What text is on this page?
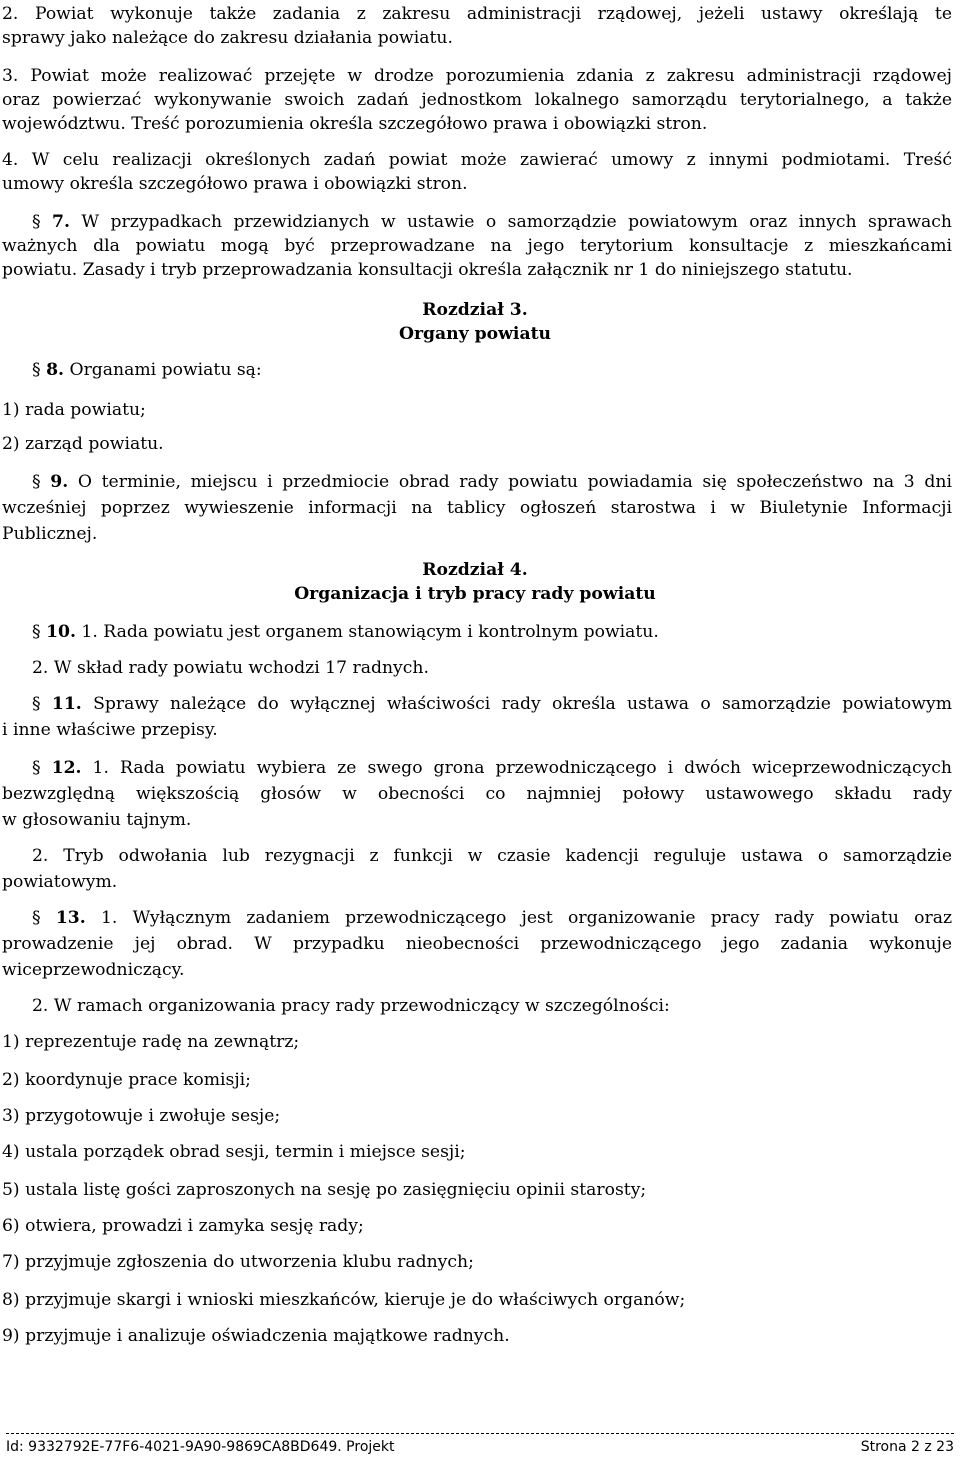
2. Powiat wykonuje także zadania z zakresu administracji rządowej, jeżeli ustawy określają te
sprawy jako należące do zakresu działania powiatu.
3. Powiat może realizować przejęte w drodze porozumienia zdania z zakresu administracji rządowej
oraz powierzać wykonywanie swoich zadań jednostkom lokalnego samorządu terytorialnego, a także
województwu. Treść porozumienia określa szczegółowo prawa i obowiązki stron.
4. W celu realizacji określonych zadań powiat może zawierać umowy z innymi podmiotami. Treść
umowy określa szczegółowo prawa i obowiązki stron.
§ 7. W przypadkach przewidzianych w ustawie o samorządzie powiatowym oraz innych sprawach
ważnych dla powiatu mogą być przeprowadzane na jego terytorium konsultacje z mieszkańcami
powiatu. Zasady i tryb przeprowadzania konsultacji określa załącznik nr 1 do niniejszego statutu.
§ 8. Organami powiatu są:
1) rada powiatu;
2) zarząd powiatu.
§ 9. O terminie, miejscu i przedmiocie obrad rady powiatu powiadamia się społeczeństwo na 3 dni
wcześniej poprzez wywieszenie informacji na tablicy ogłoszeń starostwa i w Biuletynie Informacji
Publicznej.
§ 10. 1. Rada powiatu jest organem stanowiącym i kontrolnym powiatu.
2. W skład rady powiatu wchodzi 17 radnych.
§ 11. Sprawy należące do wyłącznej właściwości rady określa ustawa o samorządzie powiatowym
i inne właściwe przepisy.
§ 12. 1. Rada powiatu wybiera ze swego grona przewodniczącego i dwóch wiceprzewodniczących
bezwzględną większością głosów w obecności co najmniej połowy ustawowego składu rady
w głosowaniu tajnym.
2. Tryb odwołania lub rezygnacji z funkcji w czasie kadencji reguluje ustawa o samorządzie
powiatowym.
§ 13. 1. Wyłącznym zadaniem przewodniczącego jest organizowanie pracy rady powiatu oraz
prowadzenie jej obrad. W przypadku nieobecności przewodniczącego jego zadania wykonuje
wiceprzewodniczący.
2. W ramach organizowania pracy rady przewodniczący w szczególności:
1) reprezentuje radę na zewnątrz;
2) koordynuje prace komisji;
3) przygotowuje i zwołuje sesje;
4) ustala porządek obrad sesji, termin i miejsce sesji;
5) ustala listę gości zaproszonych na sesję po zasięgnięciu opinii starosty;
6) otwiera, prowadzi i zamyka sesję rady;
7) przyjmuje zgłoszenia do utworzenia klubu radnych;
8) przyjmuje skargi i wnioski mieszkańców, kieruje je do właściwych organów;
9) przyjmuje i analizuje oświadczenia majątkowe radnych.
Rozdział 3.
Organy powiatu
Rozdział 4.
Organizacja i tryb pracy rady powiatu
Id: 9332792E-77F6-4021-9A90-9869CA8BD649. Projekt	Strona 2 z 23
